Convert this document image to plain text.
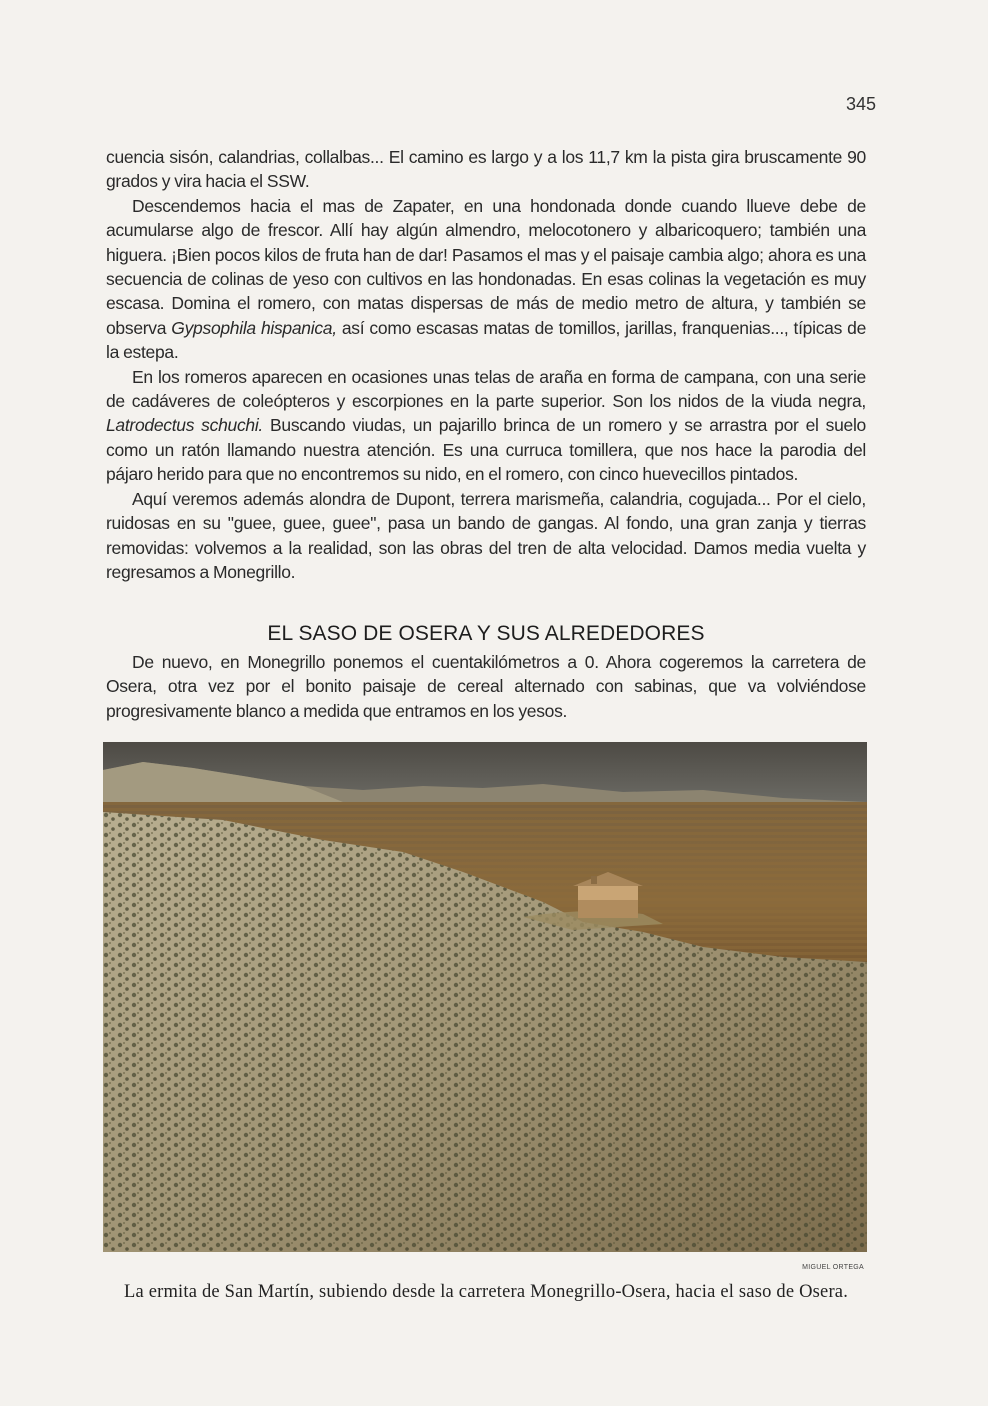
345

cuencia sisón, calandrias, collalbas... El camino es largo y a los 11,7 km la pista gira bruscamente 90 grados y vira hacia el SSW.

Descendemos hacia el mas de Zapater, en una hondonada donde cuando llueve debe de acumularse algo de frescor. Allí hay algún almendro, melocotonero y albaricoquero; también una higuera. ¡Bien pocos kilos de fruta han de dar! Pasamos el mas y el paisaje cambia algo; ahora es una secuencia de colinas de yeso con cultivos en las hondonadas. En esas colinas la vegetación es muy escasa. Domina el romero, con matas dispersas de más de medio metro de altura, y también se observa Gypsophila hispanica, así como escasas matas de tomillos, jarillas, franquenias..., típicas de la estepa.

En los romeros aparecen en ocasiones unas telas de araña en forma de campana, con una serie de cadáveres de coleópteros y escorpiones en la parte superior. Son los nidos de la viuda negra, Latrodectus schuchi. Buscando viudas, un pajarillo brinca de un romero y se arrastra por el suelo como un ratón llamando nuestra atención. Es una curruca tomillera, que nos hace la parodia del pájaro herido para que no encontremos su nido, en el romero, con cinco huevecillos pintados.

Aquí veremos además alondra de Dupont, terrera marismeña, calandria, cogujada... Por el cielo, ruidosas en su "guee, guee, guee", pasa un bando de gangas. Al fondo, una gran zanja y tierras removidas: volvemos a la realidad, son las obras del tren de alta velocidad. Damos media vuelta y regresamos a Monegrillo.

EL SASO DE OSERA Y SUS ALREDEDORES

De nuevo, en Monegrillo ponemos el cuentakilómetros a 0. Ahora cogeremos la carretera de Osera, otra vez por el bonito paisaje de cereal alternado con sabinas, que va volviéndose progresivamente blanco a medida que entramos en los yesos.

MIGUEL ORTEGA
La ermita de San Martín, subiendo desde la carretera Monegrillo-Osera, hacia el saso de Osera.
